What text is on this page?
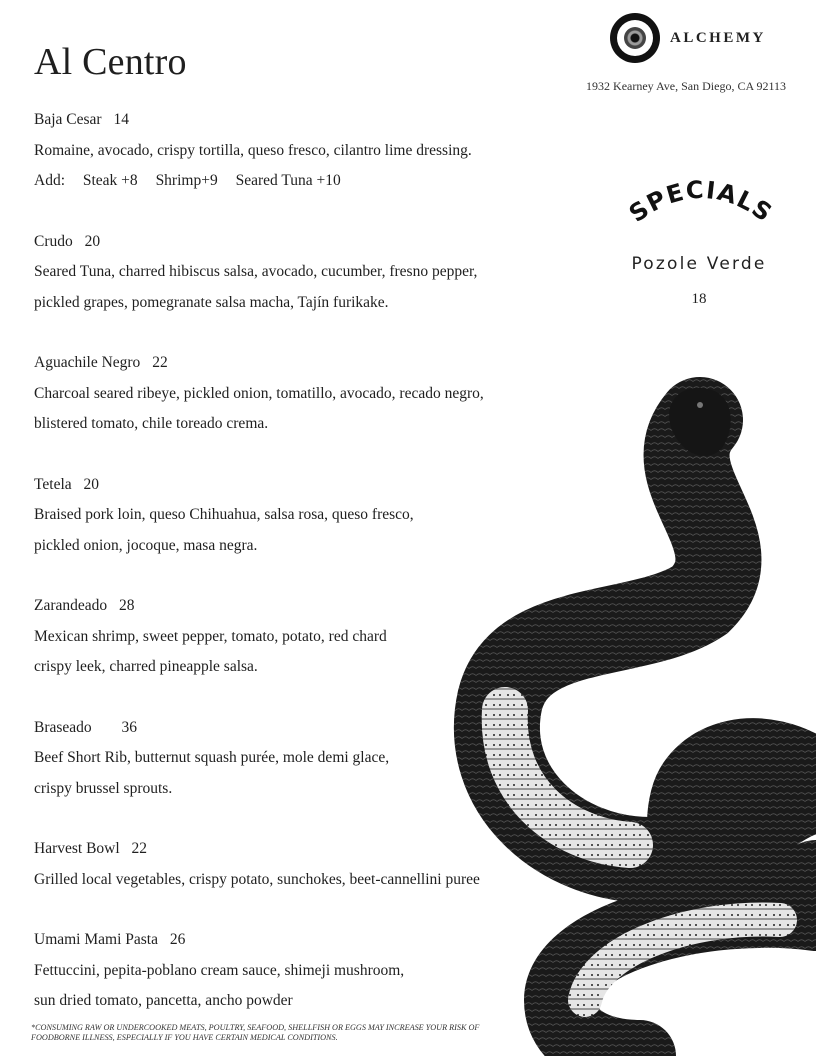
Al Centro
ALCHEMY
1932 Kearney Ave, San Diego, CA 92113
SPECIALS
Pozole Verde
18
Baja Cesar 14
Romaine, avocado, crispy tortilla, queso fresco, cilantro lime dressing.
Add: Steak +8 Shrimp+9 Seared Tuna +10
Crudo 20
Seared Tuna, charred hibiscus salsa, avocado, cucumber, fresno pepper,
pickled grapes, pomegranate salsa macha, Tajín furikake.
Aguachile Negro 22
Charcoal seared ribeye, pickled onion, tomatillo, avocado, recado negro,
blistered tomato, chile toreado crema.
Tetela 20
Braised pork loin, queso Chihuahua, salsa rosa, queso fresco,
pickled onion, jocoque, masa negra.
Zarandeado 28
Mexican shrimp, sweet pepper, tomato, potato, red chard
crispy leek, charred pineapple salsa.
Braseado 36
Beef Short Rib, butternut squash purée, mole demi glace,
crispy brussel sprouts.
Harvest Bowl 22
Grilled local vegetables, crispy potato, sunchokes, beet-cannellini puree
Umami Mami Pasta 26
Fettuccini, pepita-poblano cream sauce, shimeji mushroom,
sun dried tomato, pancetta, ancho powder
*CONSUMING RAW OR UNDERCOOKED MEATS, POULTRY, SEAFOOD, SHELLFISH OR EGGS MAY INCREASE YOUR RISK OF FOODBORNE ILLNESS, ESPECIALLY IF YOU HAVE CERTAIN MEDICAL CONDITIONS.
